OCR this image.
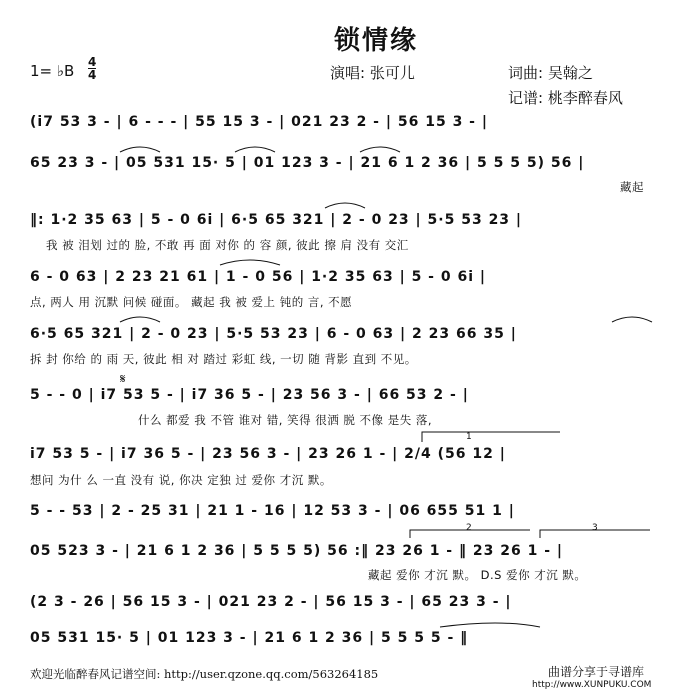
锁情缘
1= ♭B 4
4	演唱: 张可儿	词曲: 吴翰之
记谱: 桃李醉春风
(i7 53 3 - | 6 - - - | 55 15 3 - | 021 23 2 - | 56 15 3 - |
65 23 3 - | 05 531 15· 5 | 01 123 3 - | 21 6 1 2 36 | 5 5 5 5) 56 |
藏起
‖: 1·2 35 63 | 5 - 0 6i | 6·5 65 321 | 2 - 0 23 | 5·5 53 23 |
我 被 泪划 过的 脸, 不敢 再 面 对你 的 容 颜, 彼此 擦 肩 没有 交汇
6 - 0 63 | 2 23 21 61 | 1 - 0 56 | 1·2 35 63 | 5 - 0 6i |
点, 两人 用 沉默 问候 碰面。 藏起 我 被 爱上 钝的 言, 不愿
6·5 65 321 | 2 - 0 23 | 5·5 53 23 | 6 - 0 63 | 2 23 66 35 |
拆 封 你给 的 雨 天, 彼此 相 对 踏过 彩虹 线, 一切 随 背影 直到 不见。
5 - - 0 | i7 53 5 - | i7 36 5 - | 23 56 3 - | 66 53 2 - |
什么 都爱 我 不管 谁对 错, 笑得 很洒 脱 不像 是失 落,
𝄋
i7 53 5 - | i7 36 5 - | 23 56 3 - | 23 26 1 - | 2/4 (56 12 |
想问 为什 么 一直 没有 说, 你决 定独 过 爱你 才沉 默。
5 - - 53 | 2 - 25 31 | 21 1 - 16 | 12 53 3 - | 06 655 51 1 |
05 523 3 - | 21 6 1 2 36 | 5 5 5 5) 56 :‖ 23 26 1 - ‖ 23 26 1 - |
藏起 爱你 才沉 默。 D.S 爱你 才沉 默。
(2 3 - 26 | 56 15 3 - | 021 23 2 - | 56 15 3 - | 65 23 3 - |
05 531 15· 5 | 01 123 3 - | 21 6 1 2 36 | 5 5 5 5 - ‖
1
2	3
欢迎光临醉春风记谱空间: http://user.qzone.qq.com/563264185	曲谱分享于寻谱库
http://www.XUNPUKU.COM
